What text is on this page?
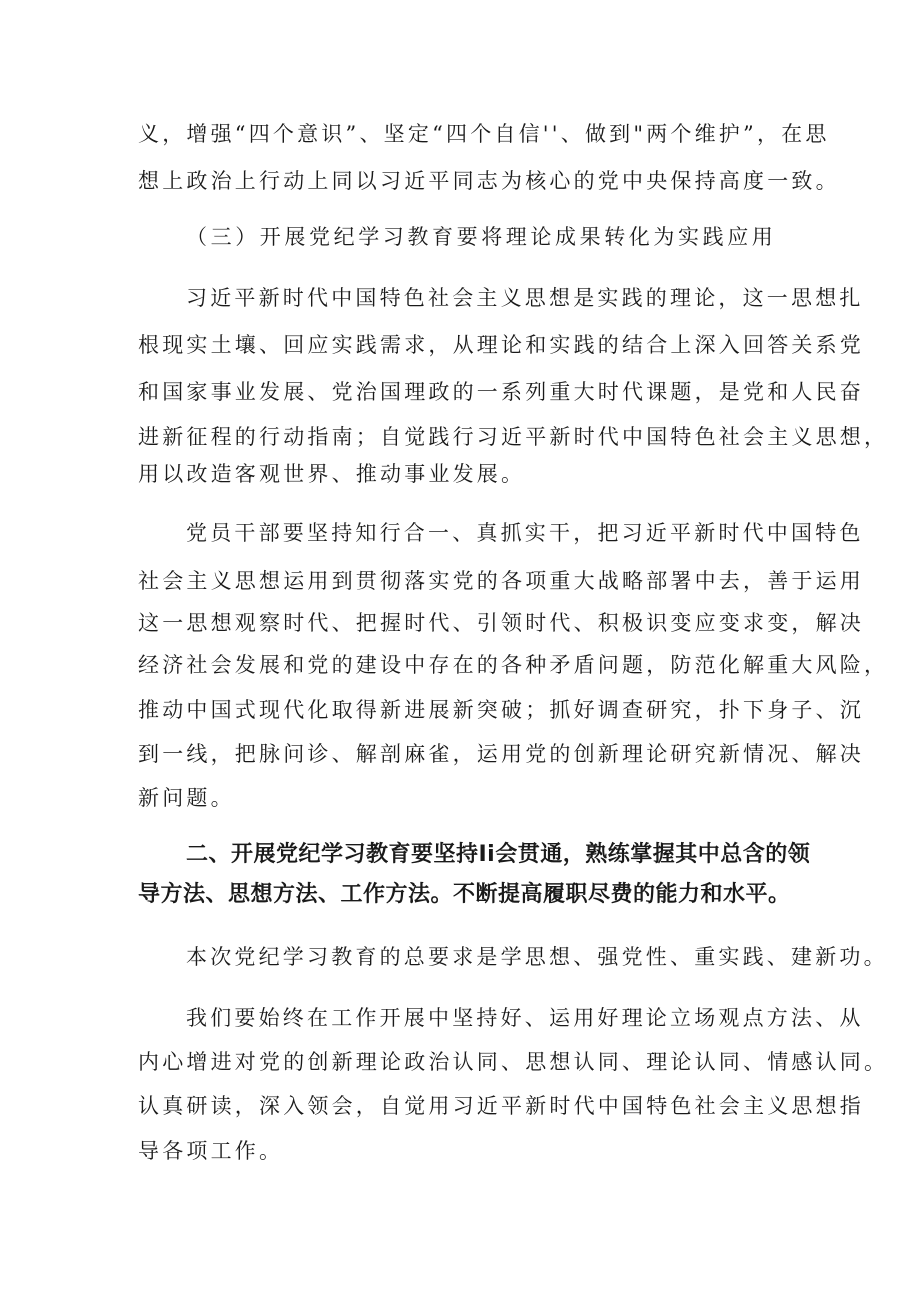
义，增强“四个意识”、坚定“四个自信''、做到"两个维护”，在思
想上政治上行动上同以习近平同志为核心的党中央保持高度一致。
（三）开展党纪学习教育要将理论成果转化为实践应用
习近平新时代中国特色社会主义思想是实践的理论，这一思想扎
根现实土壤、回应实践需求，从理论和实践的结合上深入回答关系党
和国家事业发展、党治国理政的一系列重大时代课题，是党和人民奋
进新征程的行动指南；自觉践行习近平新时代中国特色社会主义思想，
用以改造客观世界、推动事业发展。
党员干部要坚持知行合一、真抓实干，把习近平新时代中国特色
社会主义思想运用到贯彻落实党的各项重大战略部署中去，善于运用
这一思想观察时代、把握时代、引领时代、积极识变应变求变，解决
经济社会发展和党的建设中存在的各种矛盾问题，防范化解重大风险，
推动中国式现代化取得新进展新突破；抓好调查研究，扑下身子、沉
到一线，把脉问诊、解剖麻雀，运用党的创新理论研究新情况、解决
新问题。
二、开展党纪学习教育要坚持Ii会贯通，熟练掌握其中总含的领
导方法、思想方法、工作方法。不断提高履职尽费的能力和水平。
本次党纪学习教育的总要求是学思想、强党性、重实践、建新功。
我们要始终在工作开展中坚持好、运用好理论立场观点方法、从
内心增进对党的创新理论政治认同、思想认同、理论认同、情感认同。
认真研读，深入领会，自觉用习近平新时代中国特色社会主义思想指
导各项工作。
